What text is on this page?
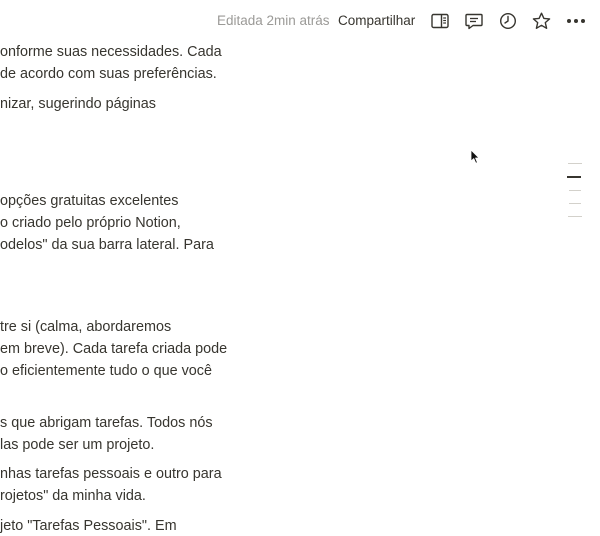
Editada 2min atrás Compartilhar
onforme suas necessidades. Cada
de acordo com suas preferências.
nizar, sugerindo páginas
opções gratuitas excelentes
o criado pelo próprio Notion,
odelos" da sua barra lateral. Para
tre si (calma, abordaremos
em breve). Cada tarefa criada pode
o eficientemente tudo o que você
s que abrigam tarefas. Todos nós
las pode ser um projeto.
nhas tarefas pessoais e outro para
rojetos" da minha vida.
jeto "Tarefas Pessoais". Em
